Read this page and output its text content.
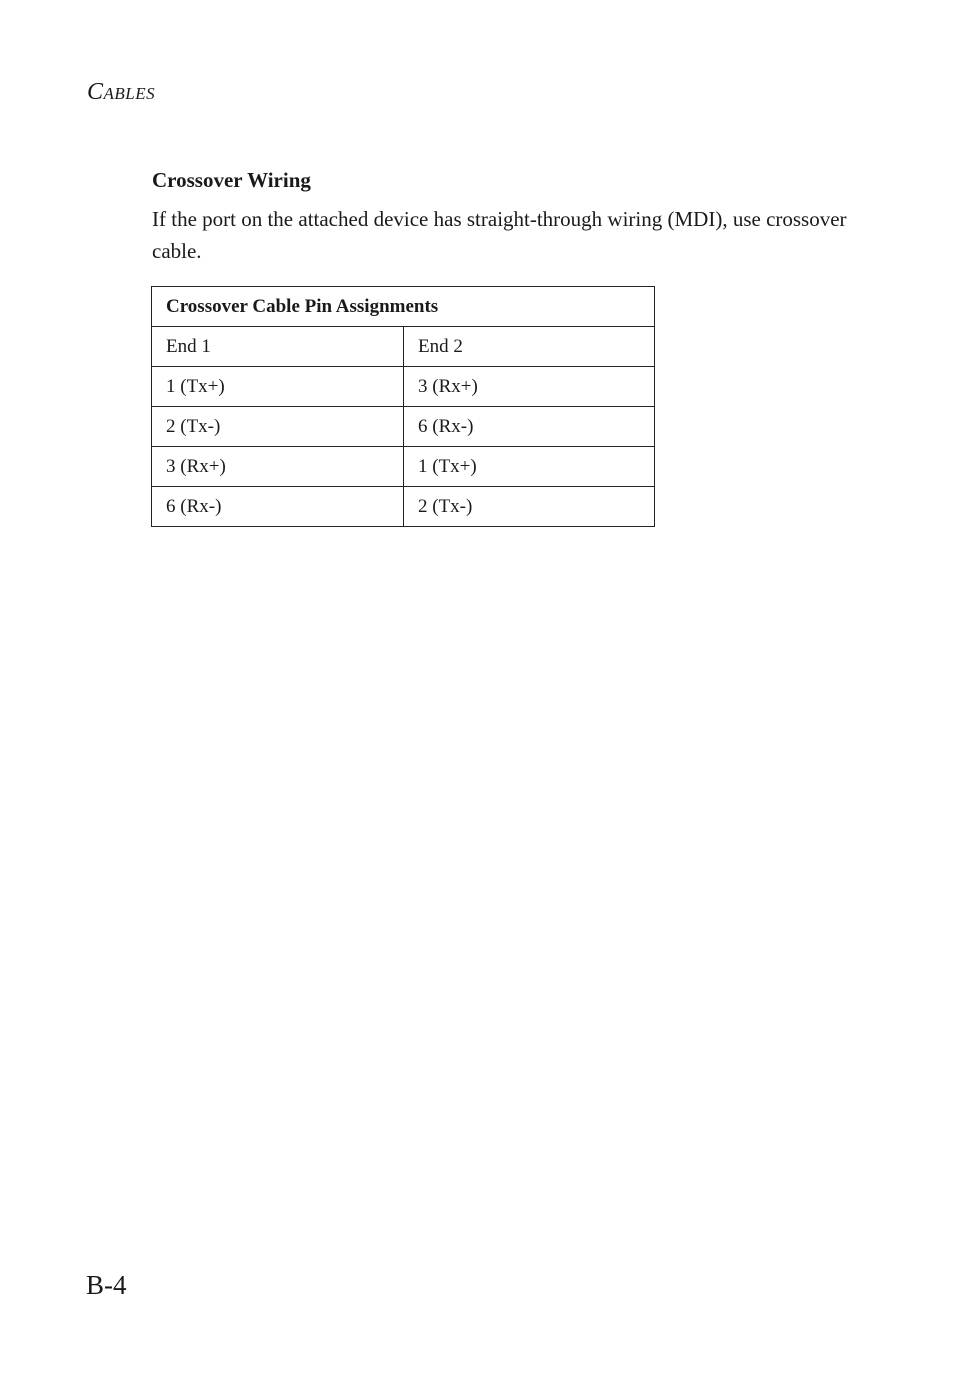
CABLES
Crossover Wiring
If the port on the attached device has straight-through wiring (MDI), use crossover cable.
Crossover Cable Pin Assignments	
End 1	End 2
1 (Tx+)	3 (Rx+)
2 (Tx-)	6 (Rx-)
3 (Rx+)	1 (Tx+)
6 (Rx-)	2 (Tx-)
B-4
